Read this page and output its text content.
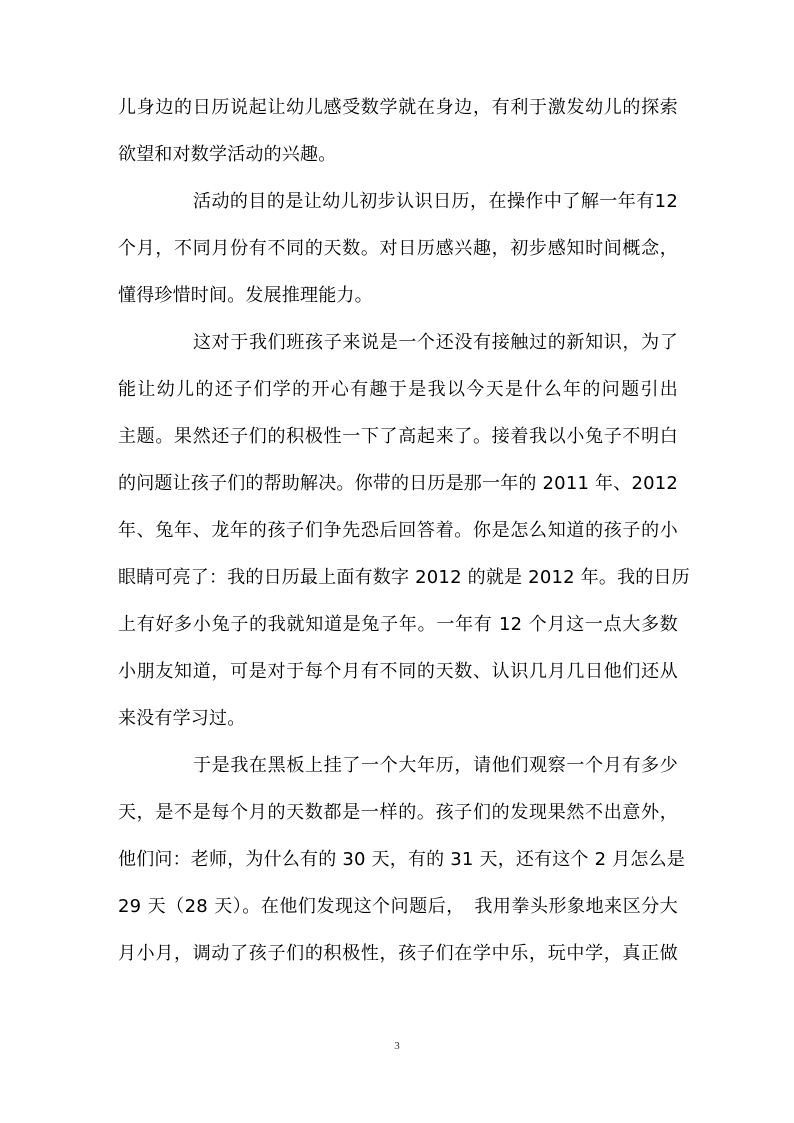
儿身边的日历说起让幼儿感受数学就在身边，有利于激发幼儿的探索
欲望和对数学活动的兴趣。
活动的目的是让幼儿初步认识日历，在操作中了解一年有12
个月，不同月份有不同的天数。对日历感兴趣，初步感知时间概念，
懂得珍惜时间。发展推理能力。
这对于我们班孩子来说是一个还没有接触过的新知识，为了
能让幼儿的还子们学的开心有趣于是我以今天是什么年的问题引出
主题。果然还子们的积极性一下了高起来了。接着我以小兔子不明白
的问题让孩子们的帮助解决。你带的日历是那一年的 2011 年、2012
年、兔年、龙年的孩子们争先恐后回答着。你是怎么知道的孩子的小
眼睛可亮了：我的日历最上面有数字 2012 的就是 2012 年。我的日历
上有好多小兔子的我就知道是兔子年。一年有 12 个月这一点大多数
小朋友知道，可是对于每个月有不同的天数、认识几月几日他们还从
来没有学习过。
于是我在黑板上挂了一个大年历，请他们观察一个月有多少
天，是不是每个月的天数都是一样的。孩子们的发现果然不出意外，
他们问：老师，为什么有的 30 天，有的 31 天，还有这个 2 月怎么是
29 天（28 天）。在他们发现这个问题后，　我用拳头形象地来区分大
月小月，调动了孩子们的积极性，孩子们在学中乐，玩中学，真正做
3
